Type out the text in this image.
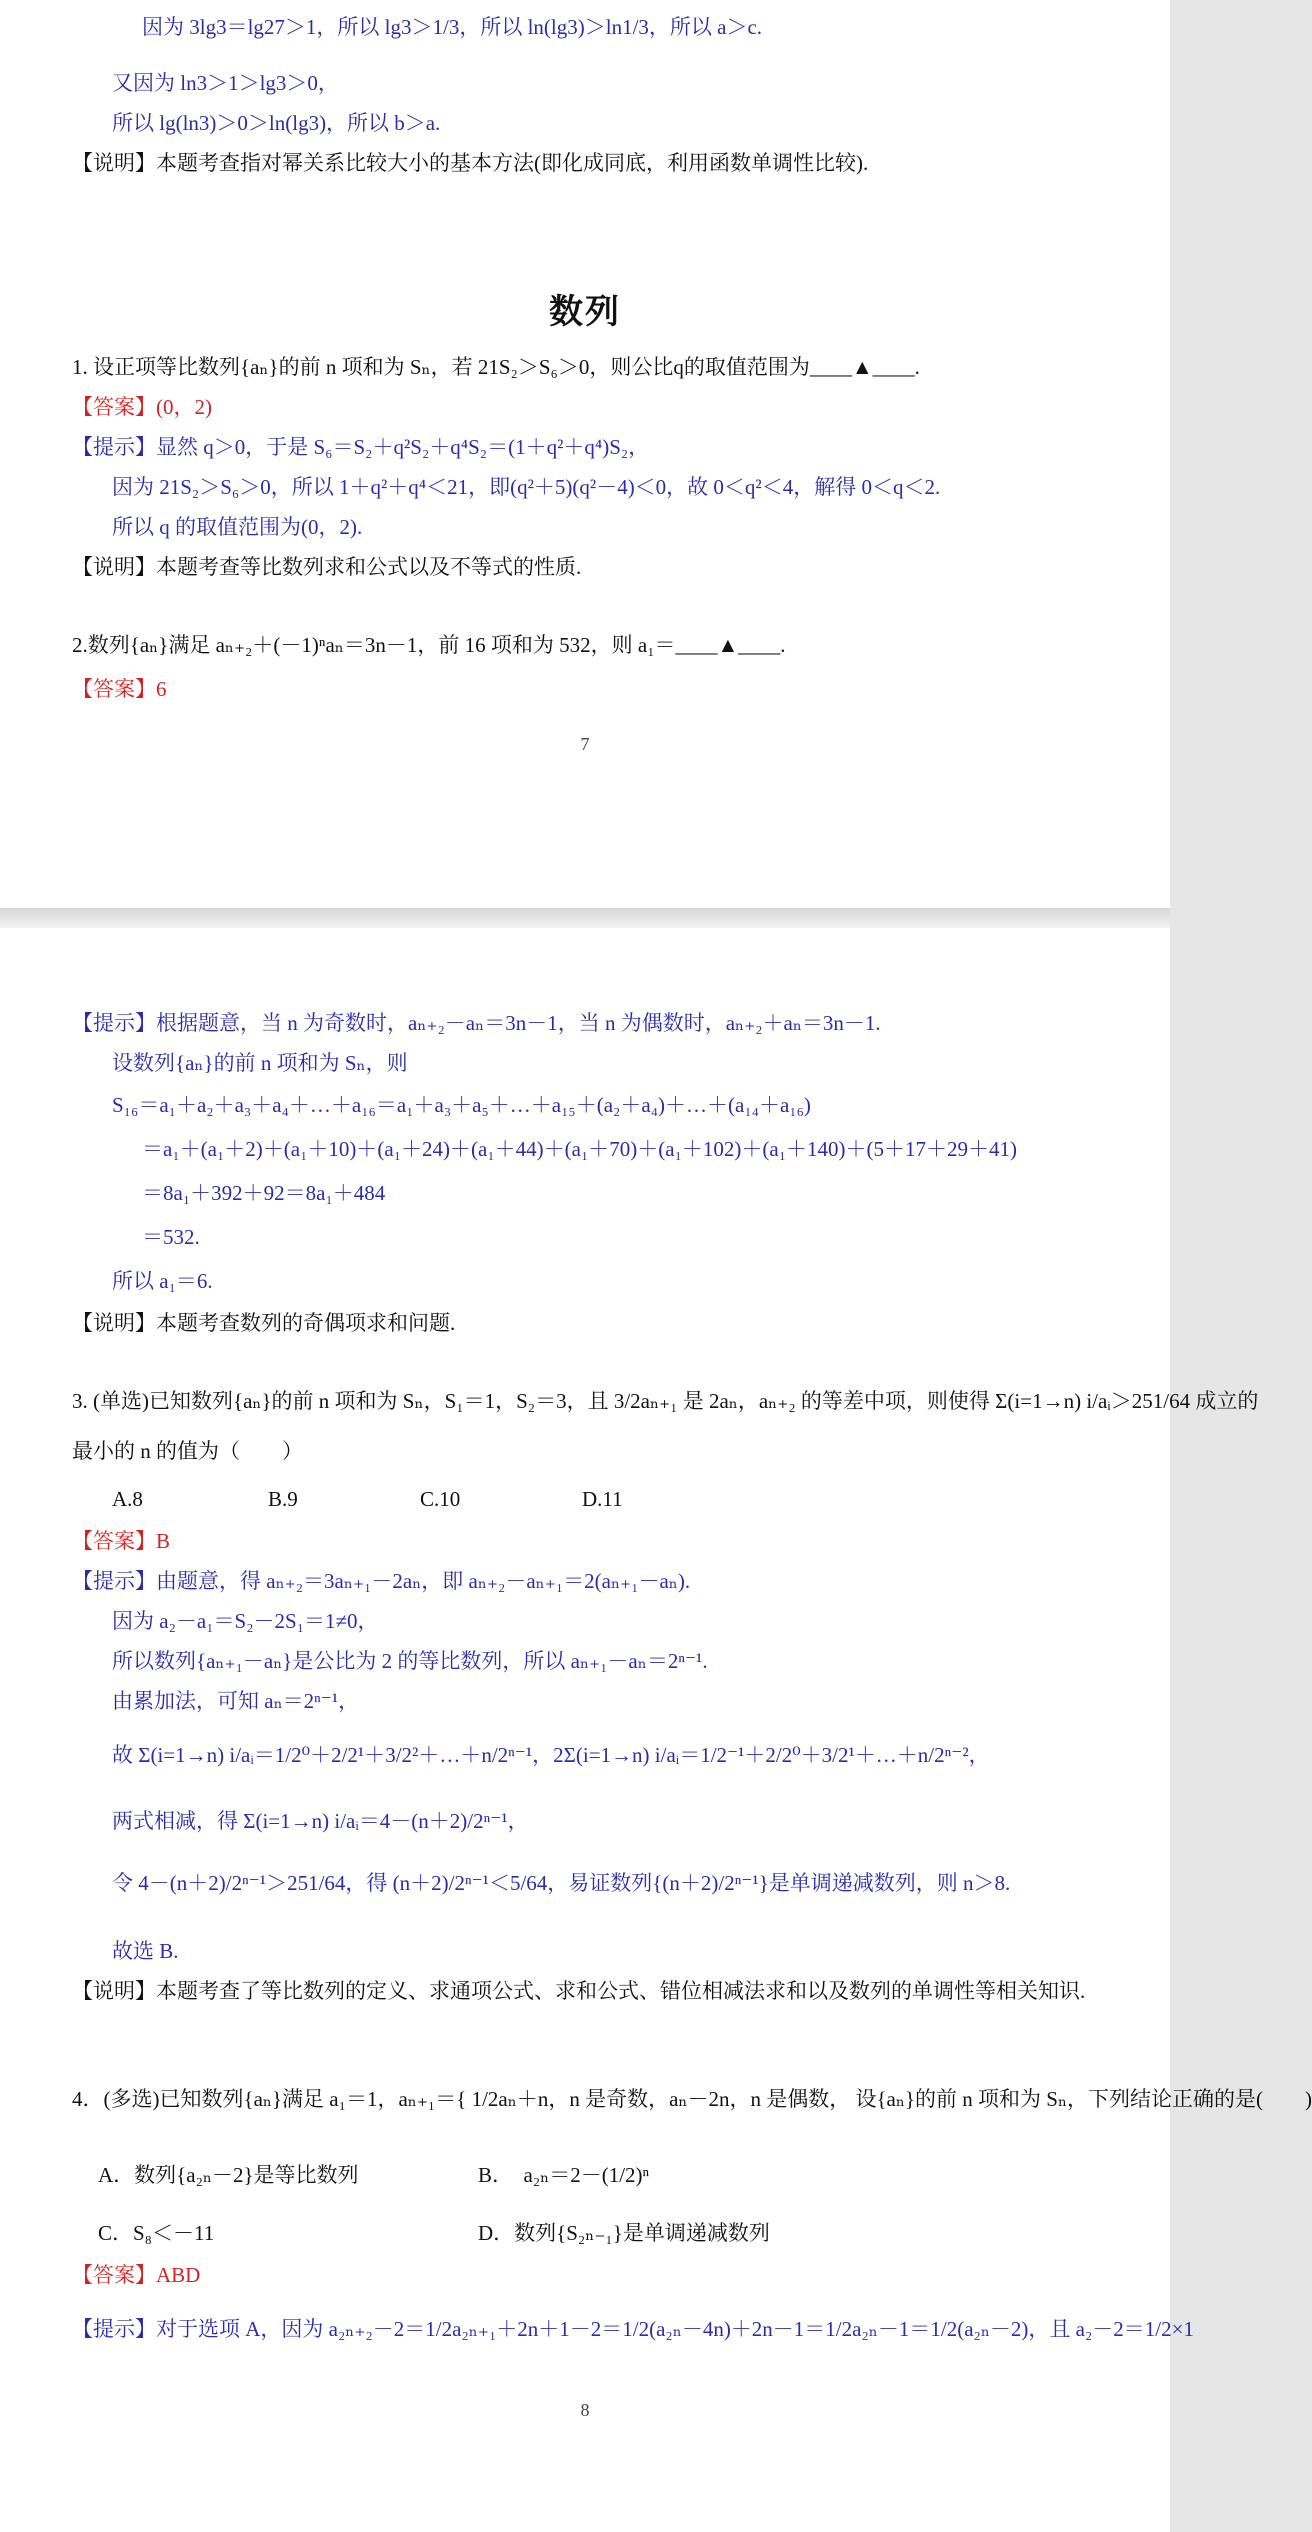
因为 3lg3＝lg27＞1，所以 lg3＞1/3，所以 ln(lg3)＞ln1/3，所以 a＞c.
又因为 ln3＞1＞lg3＞0，
所以 lg(ln3)＞0＞ln(lg3)，所以 b＞a.
【说明】本题考查指对幂关系比较大小的基本方法(即化成同底，利用函数单调性比较).
数列
1. 设正项等比数列{aₙ}的前 n 项和为 Sₙ，若 21S₂＞S₆＞0，则公比q的取值范围为____▲____.
【答案】(0，2)
【提示】显然 q＞0，于是 S₆＝S₂＋q²S₂＋q⁴S₂＝(1＋q²＋q⁴)S₂，
因为 21S₂＞S₆＞0，所以 1＋q²＋q⁴＜21，即(q²＋5)(q²－4)＜0，故 0＜q²＜4，解得 0＜q＜2.
所以 q 的取值范围为(0，2).
【说明】本题考查等比数列求和公式以及不等式的性质.
2.数列{aₙ}满足 aₙ₊₂＋(－1)ⁿaₙ＝3n－1，前 16 项和为 532，则 a₁＝____▲____.
【答案】6
7
【提示】根据题意，当 n 为奇数时，aₙ₊₂－aₙ＝3n－1，当 n 为偶数时，aₙ₊₂＋aₙ＝3n－1.
设数列{aₙ}的前 n 项和为 Sₙ，则
S₁₆＝a₁＋a₂＋a₃＋a₄＋…＋a₁₆＝a₁＋a₃＋a₅＋…＋a₁₅＋(a₂＋a₄)＋…＋(a₁₄＋a₁₆)
＝a₁＋(a₁＋2)＋(a₁＋10)＋(a₁＋24)＋(a₁＋44)＋(a₁＋70)＋(a₁＋102)＋(a₁＋140)＋(5＋17＋29＋41)
＝8a₁＋392＋92＝8a₁＋484
＝532.
所以 a₁＝6.
【说明】本题考查数列的奇偶项求和问题.
3. (单选)已知数列{aₙ}的前 n 项和为 Sₙ，S₁＝1，S₂＝3，且 3/2aₙ₊₁ 是 2aₙ，aₙ₊₂ 的等差中项，则使得 Σ(i=1→n) i/aᵢ＞251/64 成立的
最小的 n 的值为（　　）
A.8	B.9	C.10	D.11
【答案】B
【提示】由题意，得 aₙ₊₂＝3aₙ₊₁－2aₙ，即 aₙ₊₂－aₙ₊₁＝2(aₙ₊₁－aₙ).
因为 a₂－a₁＝S₂－2S₁＝1≠0，
所以数列{aₙ₊₁－aₙ}是公比为 2 的等比数列，所以 aₙ₊₁－aₙ＝2ⁿ⁻¹.
由累加法，可知 aₙ＝2ⁿ⁻¹，
故 Σ(i=1→n) i/aᵢ＝1/2⁰＋2/2¹＋3/2²＋…＋n/2ⁿ⁻¹，2Σ(i=1→n) i/aᵢ＝1/2⁻¹＋2/2⁰＋3/2¹＋…＋n/2ⁿ⁻²，
两式相减，得 Σ(i=1→n) i/aᵢ＝4－(n＋2)/2ⁿ⁻¹，
令 4－(n＋2)/2ⁿ⁻¹＞251/64，得 (n＋2)/2ⁿ⁻¹＜5/64，易证数列{(n＋2)/2ⁿ⁻¹}是单调递减数列，则 n＞8.
故选 B.
【说明】本题考查了等比数列的定义、求通项公式、求和公式、错位相减法求和以及数列的单调性等相关知识.
4．(多选)已知数列{aₙ}满足 a₁＝1，aₙ₊₁＝{ 1/2aₙ＋n，n 是奇数，aₙ－2n，n 是偶数， 设{aₙ}的前 n 项和为 Sₙ，下列结论正确的是(　　)
A．数列{a₂ₙ－2}是等比数列	B．　a₂ₙ＝2－(1/2)ⁿ
C．S₈＜－11	D．数列{S₂ₙ₋₁}是单调递减数列
【答案】ABD
【提示】对于选项 A，因为 a₂ₙ₊₂－2＝1/2a₂ₙ₊₁＋2n＋1－2＝1/2(a₂ₙ－4n)＋2n－1＝1/2a₂ₙ－1＝1/2(a₂ₙ－2)，且 a₂－2＝1/2×1
8
